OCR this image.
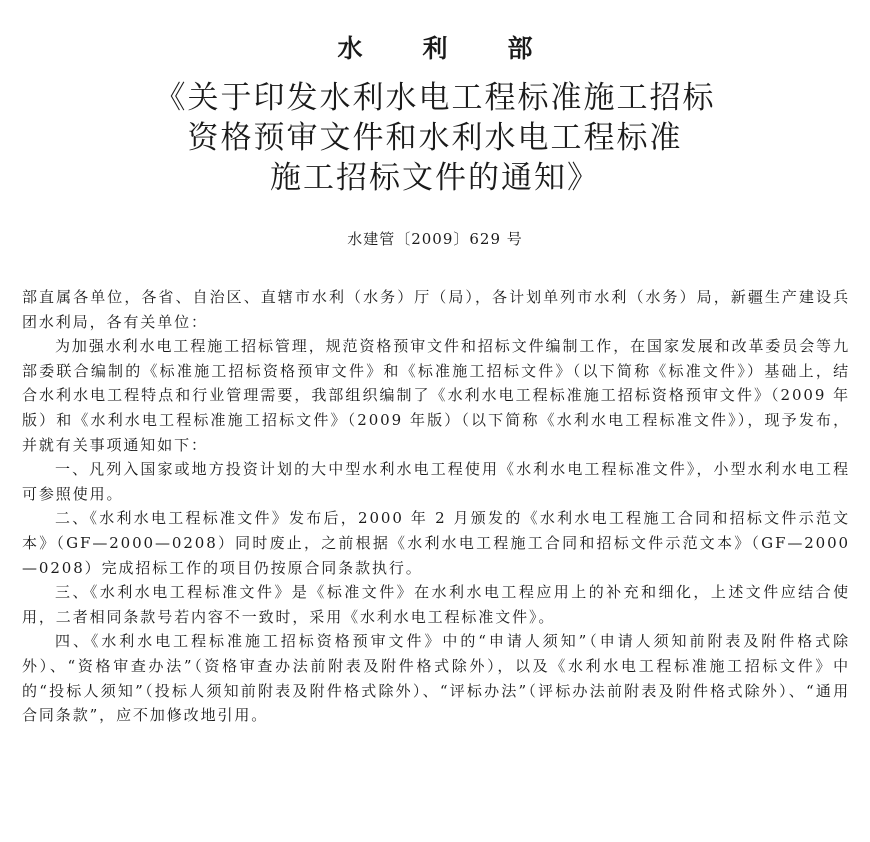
水利部
《关于印发水利水电工程标准施工招标
资格预审文件和水利水电工程标准
施工招标文件的通知》
水建管〔2009〕629 号

部直属各单位，各省、自治区、直辖市水利（水务）厅（局），各计划单列市水利（水务）局，新疆生产建设兵团水利局，各有关单位：

为加强水利水电工程施工招标管理，规范资格预审文件和招标文件编制工作，在国家发展和改革委员会等九部委联合编制的《标准施工招标资格预审文件》和《标准施工招标文件》（以下简称《标准文件》）基础上，结合水利水电工程特点和行业管理需要，我部组织编制了《水利水电工程标准施工招标资格预审文件》（2009 年版）和《水利水电工程标准施工招标文件》（2009 年版）（以下简称《水利水电工程标准文件》），现予发布，并就有关事项通知如下：

一、凡列入国家或地方投资计划的大中型水利水电工程使用《水利水电工程标准文件》，小型水利水电工程可参照使用。

二、《水利水电工程标准文件》发布后，2000 年 2 月颁发的《水利水电工程施工合同和招标文件示范文本》（GF—2000—0208）同时废止，之前根据《水利水电工程施工合同和招标文件示范文本》（GF—2000—0208）完成招标工作的项目仍按原合同条款执行。

三、《水利水电工程标准文件》是《标准文件》在水利水电工程应用上的补充和细化，上述文件应结合使用，二者相同条款号若内容不一致时，采用《水利水电工程标准文件》。

四、《水利水电工程标准施工招标资格预审文件》中的“申请人须知”（申请人须知前附表及附件格式除外）、“资格审查办法”（资格审查办法前附表及附件格式除外），以及《水利水电工程标准施工招标文件》中的“投标人须知”（投标人须知前附表及附件格式除外）、“评标办法”（评标办法前附表及附件格式除外）、“通用合同条款”，应不加修改地引用。
